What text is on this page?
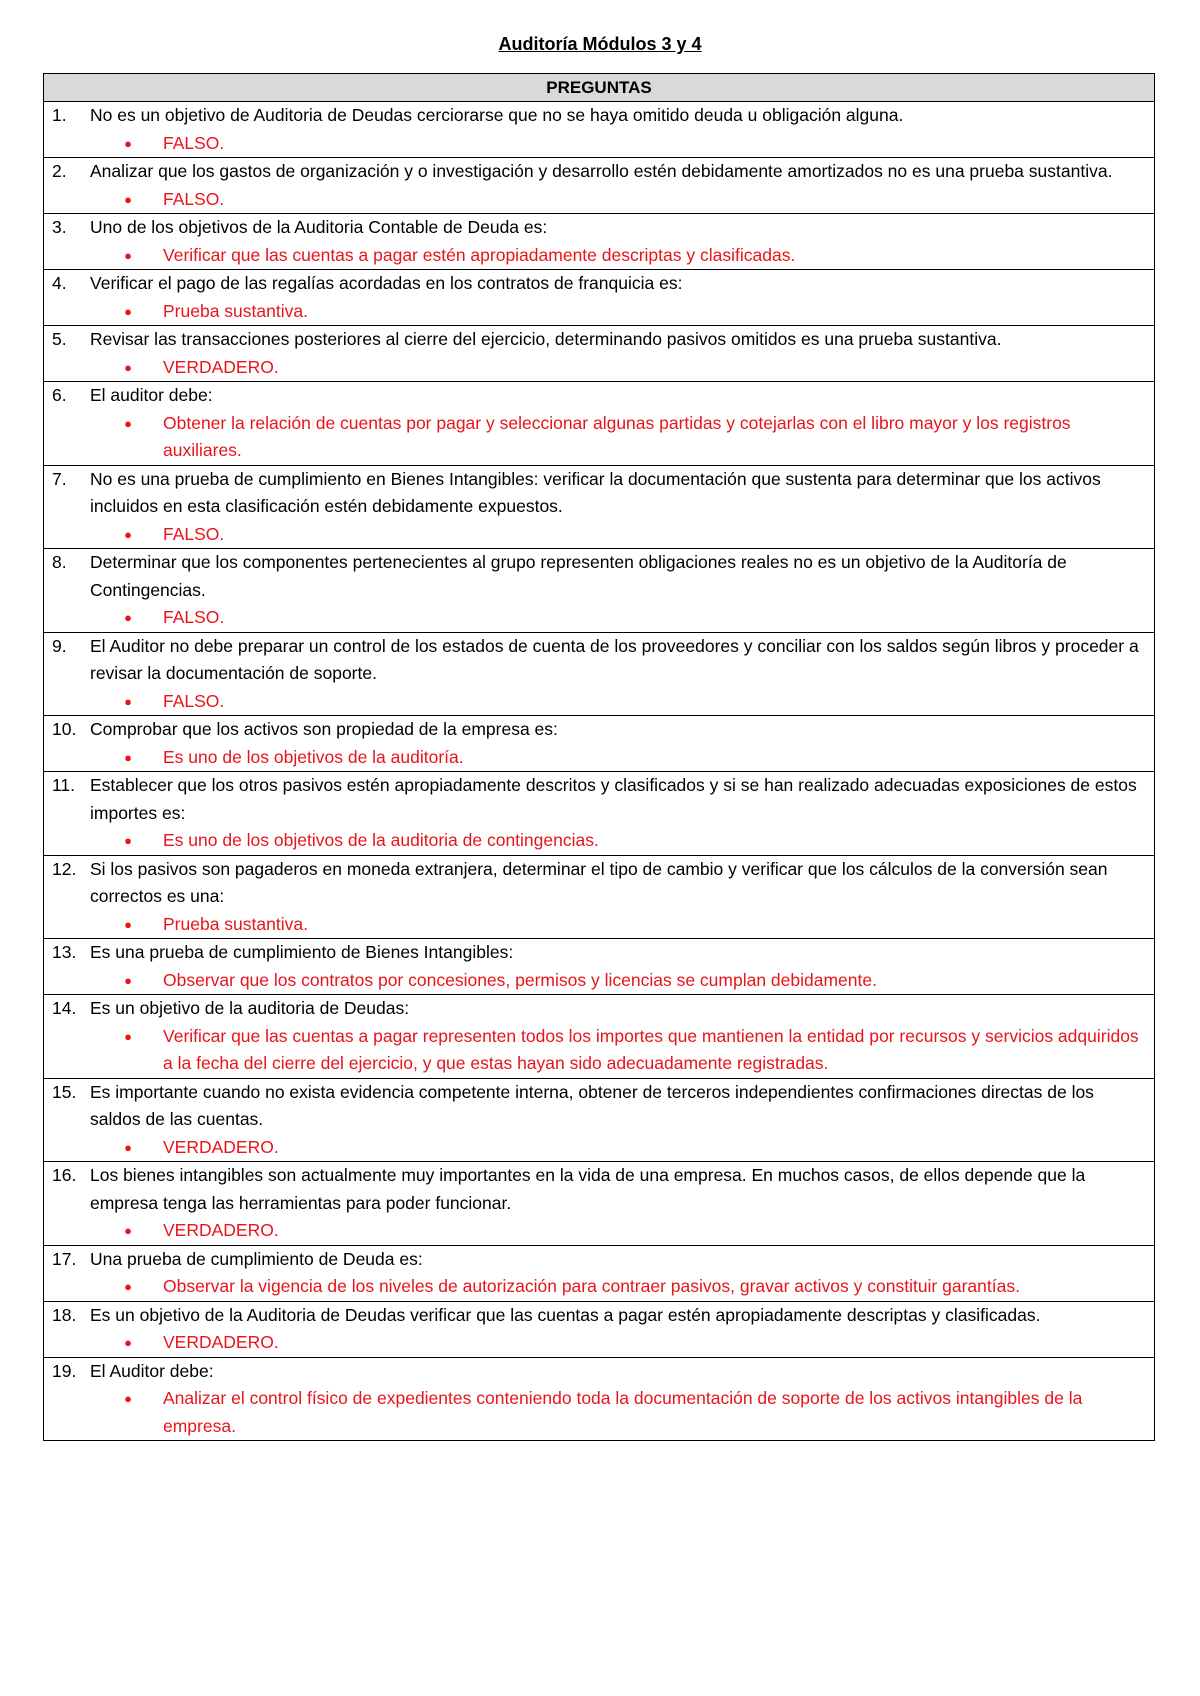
Auditoría Módulos 3 y 4
PREGUNTAS

1.	No es un objetivo de Auditoria de Deudas cerciorarse que no se haya omitido deuda u obligación alguna.
●	FALSO.

2.	Analizar que los gastos de organización y o investigación y desarrollo estén debidamente amortizados no es una prueba sustantiva.
●	FALSO.

3.	Uno de los objetivos de la Auditoria Contable de Deuda es:
●	Verificar que las cuentas a pagar estén apropiadamente descriptas y clasificadas.

4.	Verificar el pago de las regalías acordadas en los contratos de franquicia es:
●	Prueba sustantiva.

5.	Revisar las transacciones posteriores al cierre del ejercicio, determinando pasivos omitidos es una prueba sustantiva.
●	VERDADERO.

6.	El auditor debe:
●	Obtener la relación de cuentas por pagar y seleccionar algunas partidas y cotejarlas con el libro mayor y los registros auxiliares.

7.	No es una prueba de cumplimiento en Bienes Intangibles: verificar la documentación que sustenta para determinar que los activos incluidos en esta clasificación estén debidamente expuestos.
●	FALSO.

8.	Determinar que los componentes pertenecientes al grupo representen obligaciones reales no es un objetivo de la Auditoría de Contingencias.
●	FALSO.

9.	El Auditor no debe preparar un control de los estados de cuenta de los proveedores y conciliar con los saldos según libros y proceder a revisar la documentación de soporte.
●	FALSO.

10. Comprobar que los activos son propiedad de la empresa es:
●	Es uno de los objetivos de la auditoría.

11. Establecer que los otros pasivos estén apropiadamente descritos y clasificados y si se han realizado adecuadas exposiciones de estos importes es:
●	Es uno de los objetivos de la auditoria de contingencias.

12. Si los pasivos son pagaderos en moneda extranjera, determinar el tipo de cambio y verificar que los cálculos de la conversión sean correctos es una:
●	Prueba sustantiva.

13. Es una prueba de cumplimiento de Bienes Intangibles:
●	Observar que los contratos por concesiones, permisos y licencias se cumplan debidamente.

14. Es un objetivo de la auditoria de Deudas:
●	Verificar que las cuentas a pagar representen todos los importes que mantienen la entidad por recursos y servicios adquiridos a la fecha del cierre del ejercicio, y que estas hayan sido adecuadamente registradas.

15. Es importante cuando no exista evidencia competente interna, obtener de terceros independientes confirmaciones directas de los saldos de las cuentas.
●	VERDADERO.

16. Los bienes intangibles son actualmente muy importantes en la vida de una empresa. En muchos casos, de ellos depende que la empresa tenga las herramientas para poder funcionar.
●	VERDADERO.

17. Una prueba de cumplimiento de Deuda es:
●	Observar la vigencia de los niveles de autorización para contraer pasivos, gravar activos y constituir garantías.

18. Es un objetivo de la Auditoria de Deudas verificar que las cuentas a pagar estén apropiadamente descriptas y clasificadas.
●	VERDADERO.

19. El Auditor debe:
●	Analizar el control físico de expedientes conteniendo toda la documentación de soporte de los activos intangibles de la empresa.
